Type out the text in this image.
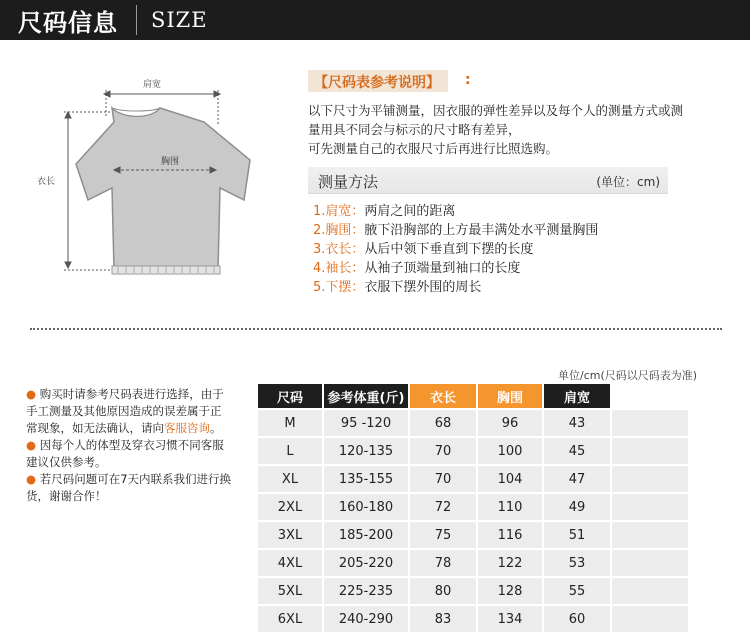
尺码信息 SIZE
肩宽
胸围
衣长
【尺码表参考说明】	:
以下尺寸为平铺测量，因衣服的弹性差异以及每个人的测量方式或测
量用具不同会与标示的尺寸略有差异，
可先测量自己的衣服尺寸后再进行比照选购。
测量方法	(单位：cm)
1.肩宽： 两肩之间的距离
2.胸围： 腋下沿胸部的上方最丰满处水平测量胸围
3.衣长： 从后中领下垂直到下摆的长度
4.袖长： 从袖子顶端量到袖口的长度
5.下摆： 衣服下摆外围的周长
单位/cm(尺码以尺码表为准)
● 购买时请参考尺码表进行选择，由于手工测量及其他原因造成的误差属于正常现象，如无法确认，请向客服咨询。
● 因每个人的体型及穿衣习惯不同客服建议仅供参考。
● 若尺码问题可在7天内联系我们进行换货，谢谢合作！
尺码	参考体重(斤)	衣长	胸围	肩宽	
M	95 -120	68	96	43	
L	120-135	70	100	45	
XL	135-155	70	104	47	
2XL	160-180	72	110	49	
3XL	185-200	75	116	51	
4XL	205-220	78	122	53	
5XL	225-235	80	128	55	
6XL	240-290	83	134	60	
